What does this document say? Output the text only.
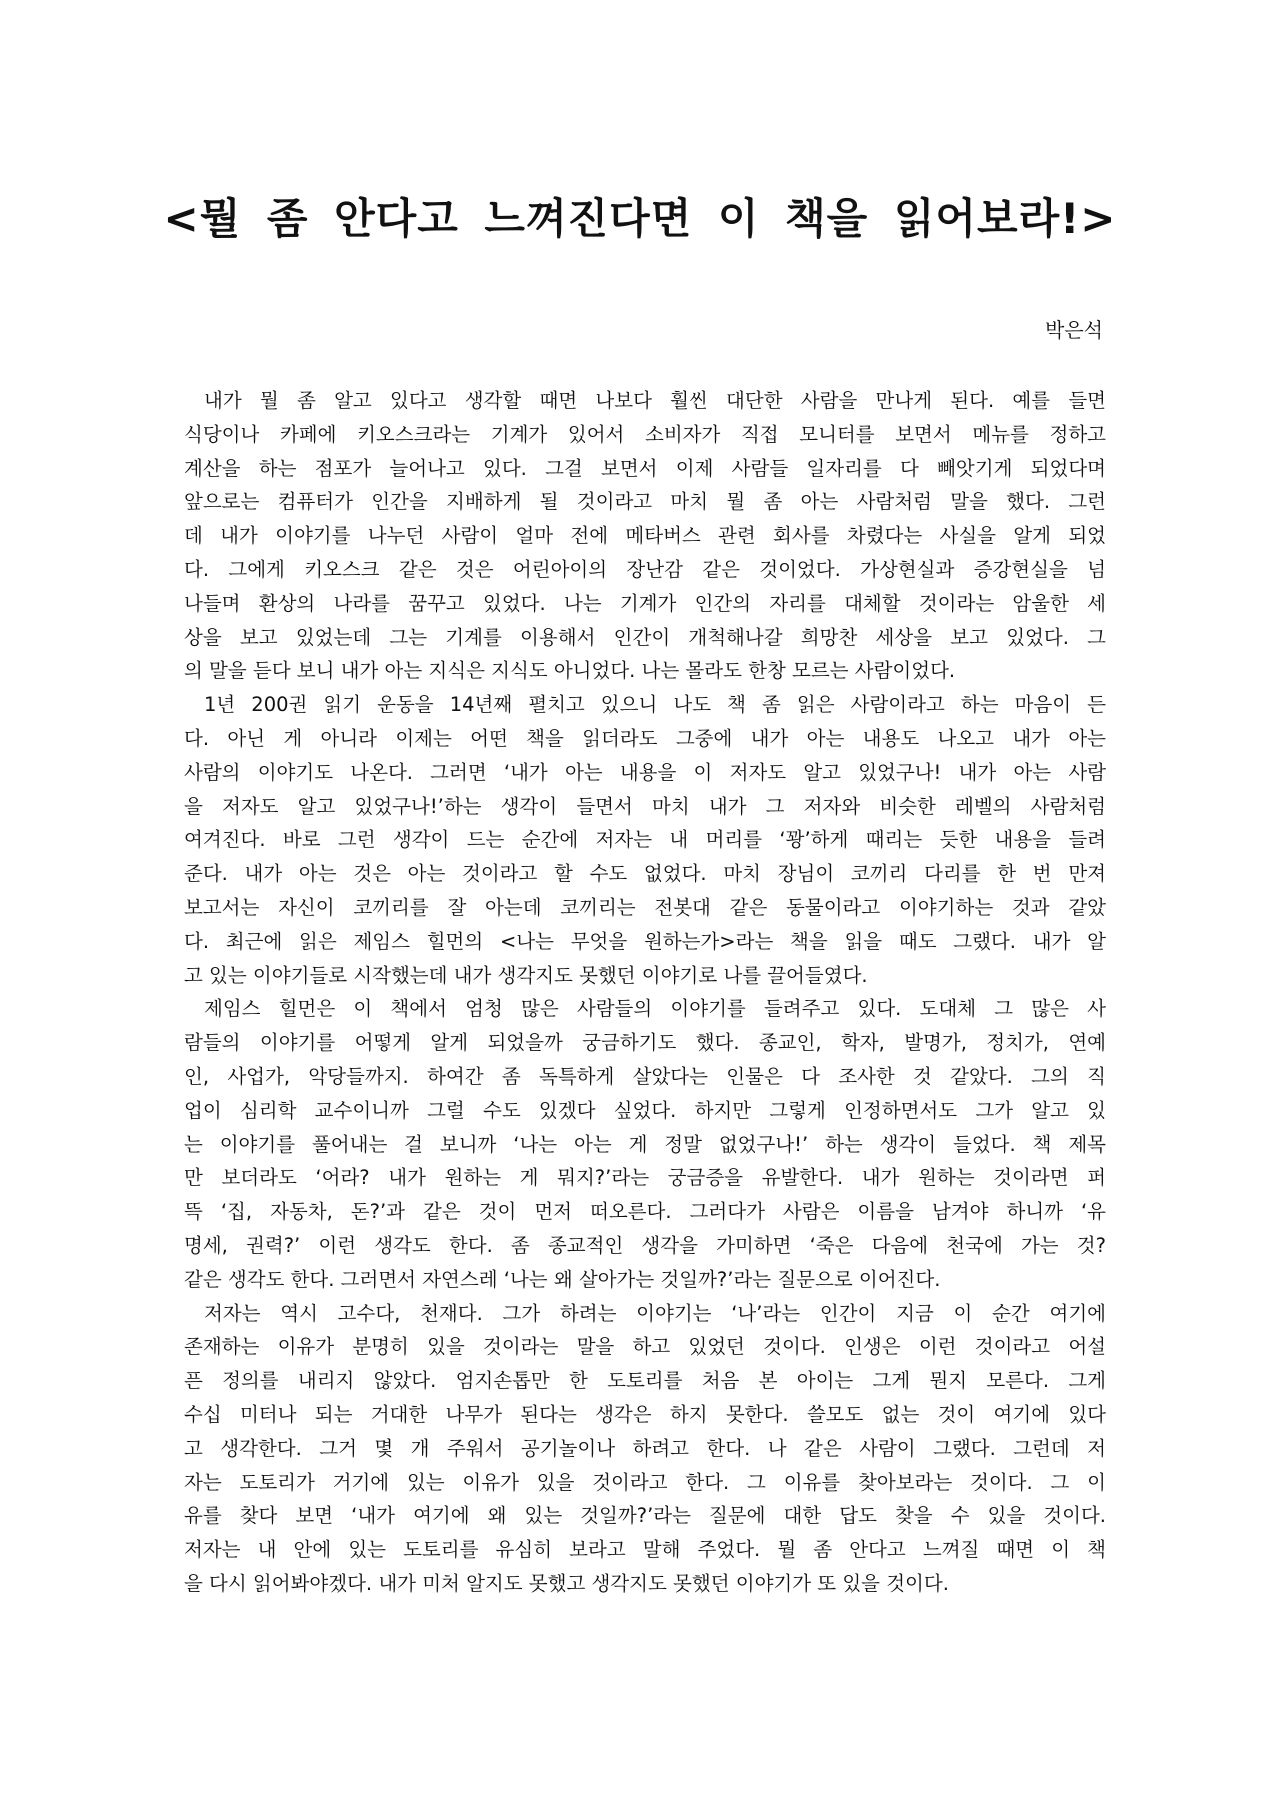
<뭘 좀 안다고 느껴진다면 이 책을 읽어보라!>
박은석
내가 뭘 좀 알고 있다고 생각할 때면 나보다 훨씬 대단한 사람을 만나게 된다. 예를 들면
식당이나 카페에 키오스크라는 기계가 있어서 소비자가 직접 모니터를 보면서 메뉴를 정하고
계산을 하는 점포가 늘어나고 있다. 그걸 보면서 이제 사람들 일자리를 다 빼앗기게 되었다며
앞으로는 컴퓨터가 인간을 지배하게 될 것이라고 마치 뭘 좀 아는 사람처럼 말을 했다. 그런
데 내가 이야기를 나누던 사람이 얼마 전에 메타버스 관련 회사를 차렸다는 사실을 알게 되었
다. 그에게 키오스크 같은 것은 어린아이의 장난감 같은 것이었다. 가상현실과 증강현실을 넘
나들며 환상의 나라를 꿈꾸고 있었다. 나는 기계가 인간의 자리를 대체할 것이라는 암울한 세
상을 보고 있었는데 그는 기계를 이용해서 인간이 개척해나갈 희망찬 세상을 보고 있었다. 그
의 말을 듣다 보니 내가 아는 지식은 지식도 아니었다. 나는 몰라도 한창 모르는 사람이었다.
1년 200권 읽기 운동을 14년째 펼치고 있으니 나도 책 좀 읽은 사람이라고 하는 마음이 든
다. 아닌 게 아니라 이제는 어떤 책을 읽더라도 그중에 내가 아는 내용도 나오고 내가 아는
사람의 이야기도 나온다. 그러면 ‘내가 아는 내용을 이 저자도 알고 있었구나! 내가 아는 사람
을 저자도 알고 있었구나!’하는 생각이 들면서 마치 내가 그 저자와 비슷한 레벨의 사람처럼
여겨진다. 바로 그런 생각이 드는 순간에 저자는 내 머리를 ‘꽝’하게 때리는 듯한 내용을 들려
준다. 내가 아는 것은 아는 것이라고 할 수도 없었다. 마치 장님이 코끼리 다리를 한 번 만져
보고서는 자신이 코끼리를 잘 아는데 코끼리는 전봇대 같은 동물이라고 이야기하는 것과 같았
다. 최근에 읽은 제임스 힐먼의 <나는 무엇을 원하는가>라는 책을 읽을 때도 그랬다. 내가 알
고 있는 이야기들로 시작했는데 내가 생각지도 못했던 이야기로 나를 끌어들였다.
제임스 힐먼은 이 책에서 엄청 많은 사람들의 이야기를 들려주고 있다. 도대체 그 많은 사
람들의 이야기를 어떻게 알게 되었을까 궁금하기도 했다. 종교인, 학자, 발명가, 정치가, 연예
인, 사업가, 악당들까지. 하여간 좀 독특하게 살았다는 인물은 다 조사한 것 같았다. 그의 직
업이 심리학 교수이니까 그럴 수도 있겠다 싶었다. 하지만 그렇게 인정하면서도 그가 알고 있
는 이야기를 풀어내는 걸 보니까 ‘나는 아는 게 정말 없었구나!’ 하는 생각이 들었다. 책 제목
만 보더라도 ‘어라? 내가 원하는 게 뭐지?’라는 궁금증을 유발한다. 내가 원하는 것이라면 퍼
뜩 ‘집, 자동차, 돈?’과 같은 것이 먼저 떠오른다. 그러다가 사람은 이름을 남겨야 하니까 ‘유
명세, 권력?’ 이런 생각도 한다. 좀 종교적인 생각을 가미하면 ‘죽은 다음에 천국에 가는 것?
같은 생각도 한다. 그러면서 자연스레 ‘나는 왜 살아가는 것일까?’라는 질문으로 이어진다.
저자는 역시 고수다, 천재다. 그가 하려는 이야기는 ‘나’라는 인간이 지금 이 순간 여기에
존재하는 이유가 분명히 있을 것이라는 말을 하고 있었던 것이다. 인생은 이런 것이라고 어설
픈 정의를 내리지 않았다. 엄지손톱만 한 도토리를 처음 본 아이는 그게 뭔지 모른다. 그게
수십 미터나 되는 거대한 나무가 된다는 생각은 하지 못한다. 쓸모도 없는 것이 여기에 있다
고 생각한다. 그거 몇 개 주워서 공기놀이나 하려고 한다. 나 같은 사람이 그랬다. 그런데 저
자는 도토리가 거기에 있는 이유가 있을 것이라고 한다. 그 이유를 찾아보라는 것이다. 그 이
유를 찾다 보면 ‘내가 여기에 왜 있는 것일까?’라는 질문에 대한 답도 찾을 수 있을 것이다.
저자는 내 안에 있는 도토리를 유심히 보라고 말해 주었다. 뭘 좀 안다고 느껴질 때면 이 책
을 다시 읽어봐야겠다. 내가 미처 알지도 못했고 생각지도 못했던 이야기가 또 있을 것이다.
